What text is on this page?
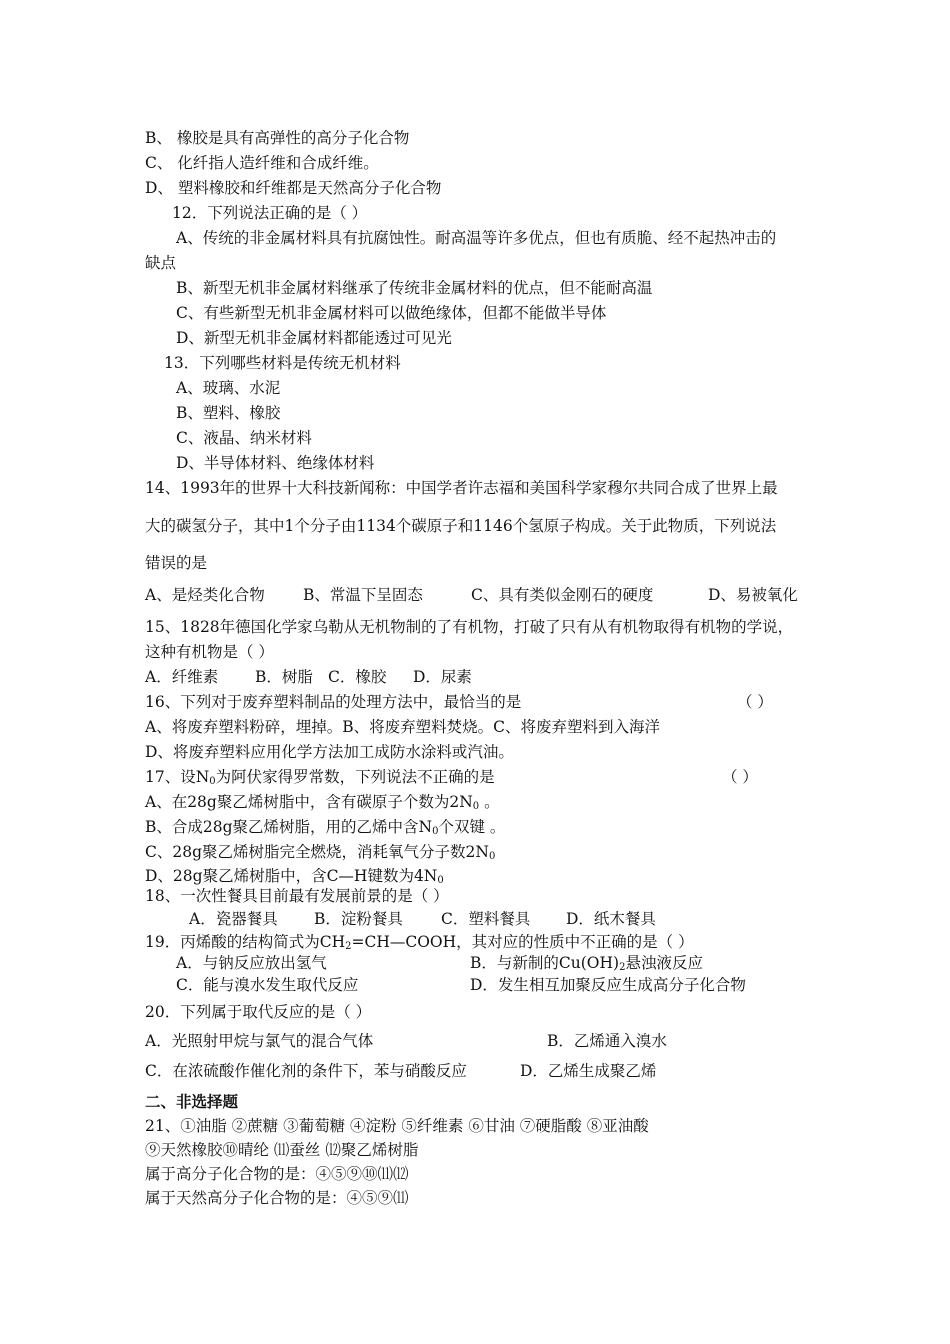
B、 橡胶是具有高弹性的高分子化合物
C、 化纤指人造纤维和合成纤维。
D、 塑料橡胶和纤维都是天然高分子化合物
12．下列说法正确的是（ ）
A、传统的非金属材料具有抗腐蚀性。耐高温等许多优点，但也有质脆、经不起热冲击的
缺点
B、新型无机非金属材料继承了传统非金属材料的优点，但不能耐高温
C、有些新型无机非金属材料可以做绝缘体，但都不能做半导体
D、新型无机非金属材料都能透过可见光
13．下列哪些材料是传统无机材料
A、玻璃、水泥
B、塑料、橡胶
C、液晶、纳米材料
D、半导体材料、绝缘体材料
14、1993年的世界十大科技新闻称：中国学者许志福和美国科学家穆尔共同合成了世界上最
大的碳氢分子，其中1个分子由1134个碳原子和1146个氢原子构成。关于此物质，下列说法
错误的是
A、是烃类化合物 B、常温下呈固态	C、具有类似金刚石的硬度	D、易被氧化
15、1828年德国化学家乌勒从无机物制的了有机物，打破了只有从有机物取得有机物的学说，
这种有机物是（ ）
A．纤维素 B．树脂 C．橡胶 D．尿素
16、下列对于废弃塑料制品的处理方法中，最恰当的是	（ ）
A、将废弃塑料粉碎，埋掉。B、将废弃塑料焚烧。C、将废弃塑料到入海洋
D、将废弃塑料应用化学方法加工成防水涂料或汽油。
17、设$N_0$为阿伏家得罗常数，下列说法不正确的是	（ ）
A、在28g聚乙烯树脂中，含有碳原子个数为$2N_0$ 。
B、合成28g聚乙烯树脂，用的乙烯中含$N_0$个双键 。
C、28g聚乙烯树脂完全燃烧，消耗氧气分子数$2N_0$
D、28g聚乙烯树脂中，含C—H键数为$4N_0$
18、一次性餐具目前最有发展前景的是（ ）
A．瓷器餐具 B．淀粉餐具 C．塑料餐具 D．纸木餐具
19．丙烯酸的结构简式为$CH_2=CH—COOH$，其对应的性质中不正确的是（ ）
A．与钠反应放出氢气	B．与新制的$Cu(OH)_2$悬浊液反应
C．能与溴水发生取代反应	D．发生相互加聚反应生成高分子化合物
20．下列属于取代反应的是（ ）
A．光照射甲烷与氯气的混合气体	B．乙烯通入溴水
C．在浓硫酸作催化剂的条件下，苯与硝酸反应	D．乙烯生成聚乙烯
二、非选择题
21、①油脂 ②蔗糖 ③葡萄糖 ④淀粉 ⑤纤维素 ⑥甘油 ⑦硬脂酸 ⑧亚油酸
⑨天然橡胶⑩晴纶 ⑾蚕丝 ⑿聚乙烯树脂
属于高分子化合物的是：④⑤⑨⑩⑾⑿
属于天然高分子化合物的是：④⑤⑨⑾
